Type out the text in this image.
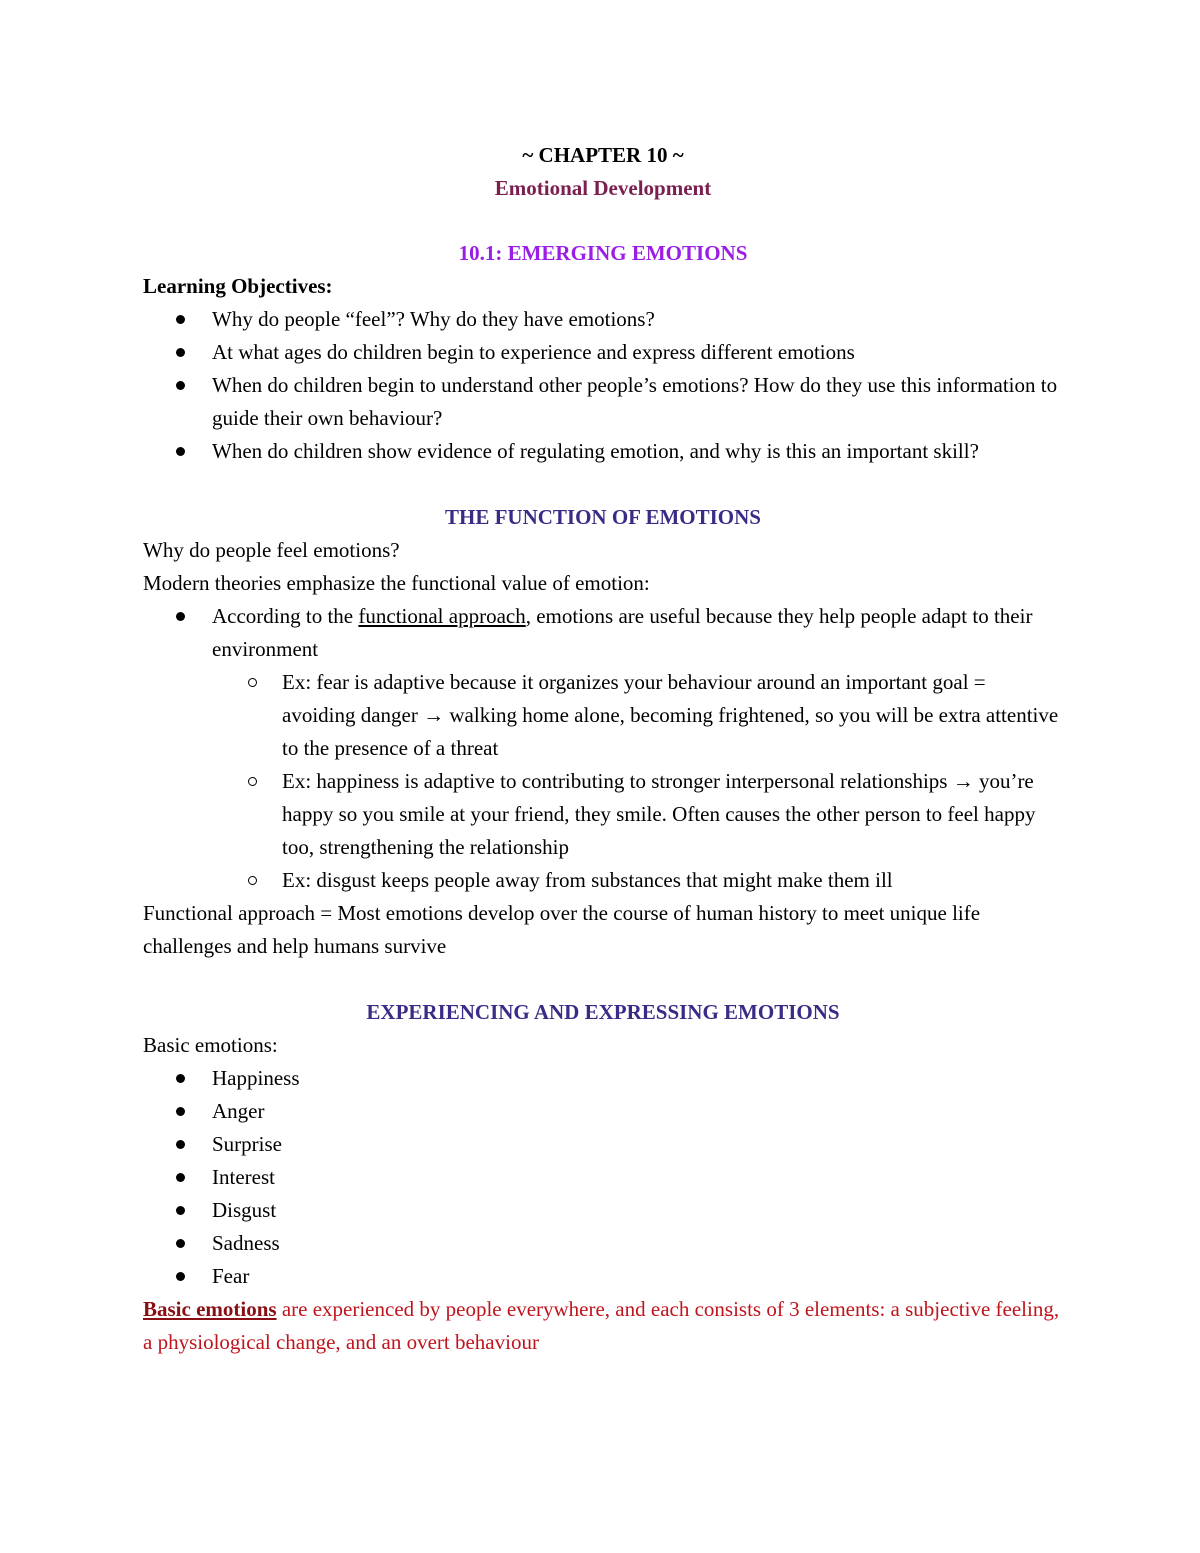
~ CHAPTER 10 ~

Emotional Development

10.1: EMERGING EMOTIONS

Learning Objectives:

Why do people “feel”? Why do they have emotions?
At what ages do children begin to experience and express different emotions
When do children begin to understand other people’s emotions? How do they use this information to guide their own behaviour?
When do children show evidence of regulating emotion, and why is this an important skill?

THE FUNCTION OF EMOTIONS

Why do people feel emotions?

Modern theories emphasize the functional value of emotion:

According to the functional approach, emotions are useful because they help people adapt to their environment
Ex: fear is adaptive because it organizes your behaviour around an important goal = avoiding danger → walking home alone, becoming frightened, so you will be extra attentive to the presence of a threat
Ex: happiness is adaptive to contributing to stronger interpersonal relationships → you’re happy so you smile at your friend, they smile. Often causes the other person to feel happy too, strengthening the relationship
Ex: disgust keeps people away from substances that might make them ill

Functional approach = Most emotions develop over the course of human history to meet unique life challenges and help humans survive

EXPERIENCING AND EXPRESSING EMOTIONS

Basic emotions:

Happiness
Anger
Surprise
Interest
Disgust
Sadness
Fear

Basic emotions are experienced by people everywhere, and each consists of 3 elements: a subjective feeling, a physiological change, and an overt behaviour
